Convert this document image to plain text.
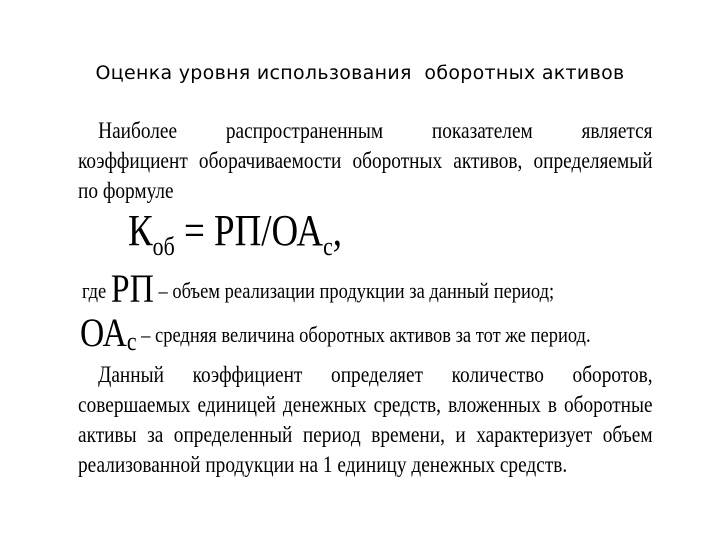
Оценка уровня использования  оборотных активов
Наиболее распространенным показателем является
коэффициент оборачиваемости оборотных активов, определяемый
по формуле
$К_{об} = РП/ОА_с$,
где РП – объем реализации продукции за данный период;
$ОА_с$ – средняя величина оборотных активов за тот же период.
Данный коэффициент определяет количество оборотов,
совершаемых единицей денежных средств, вложенных в оборотные
активы за определенный период времени, и характеризует объем
реализованной продукции на 1 единицу денежных средств.
